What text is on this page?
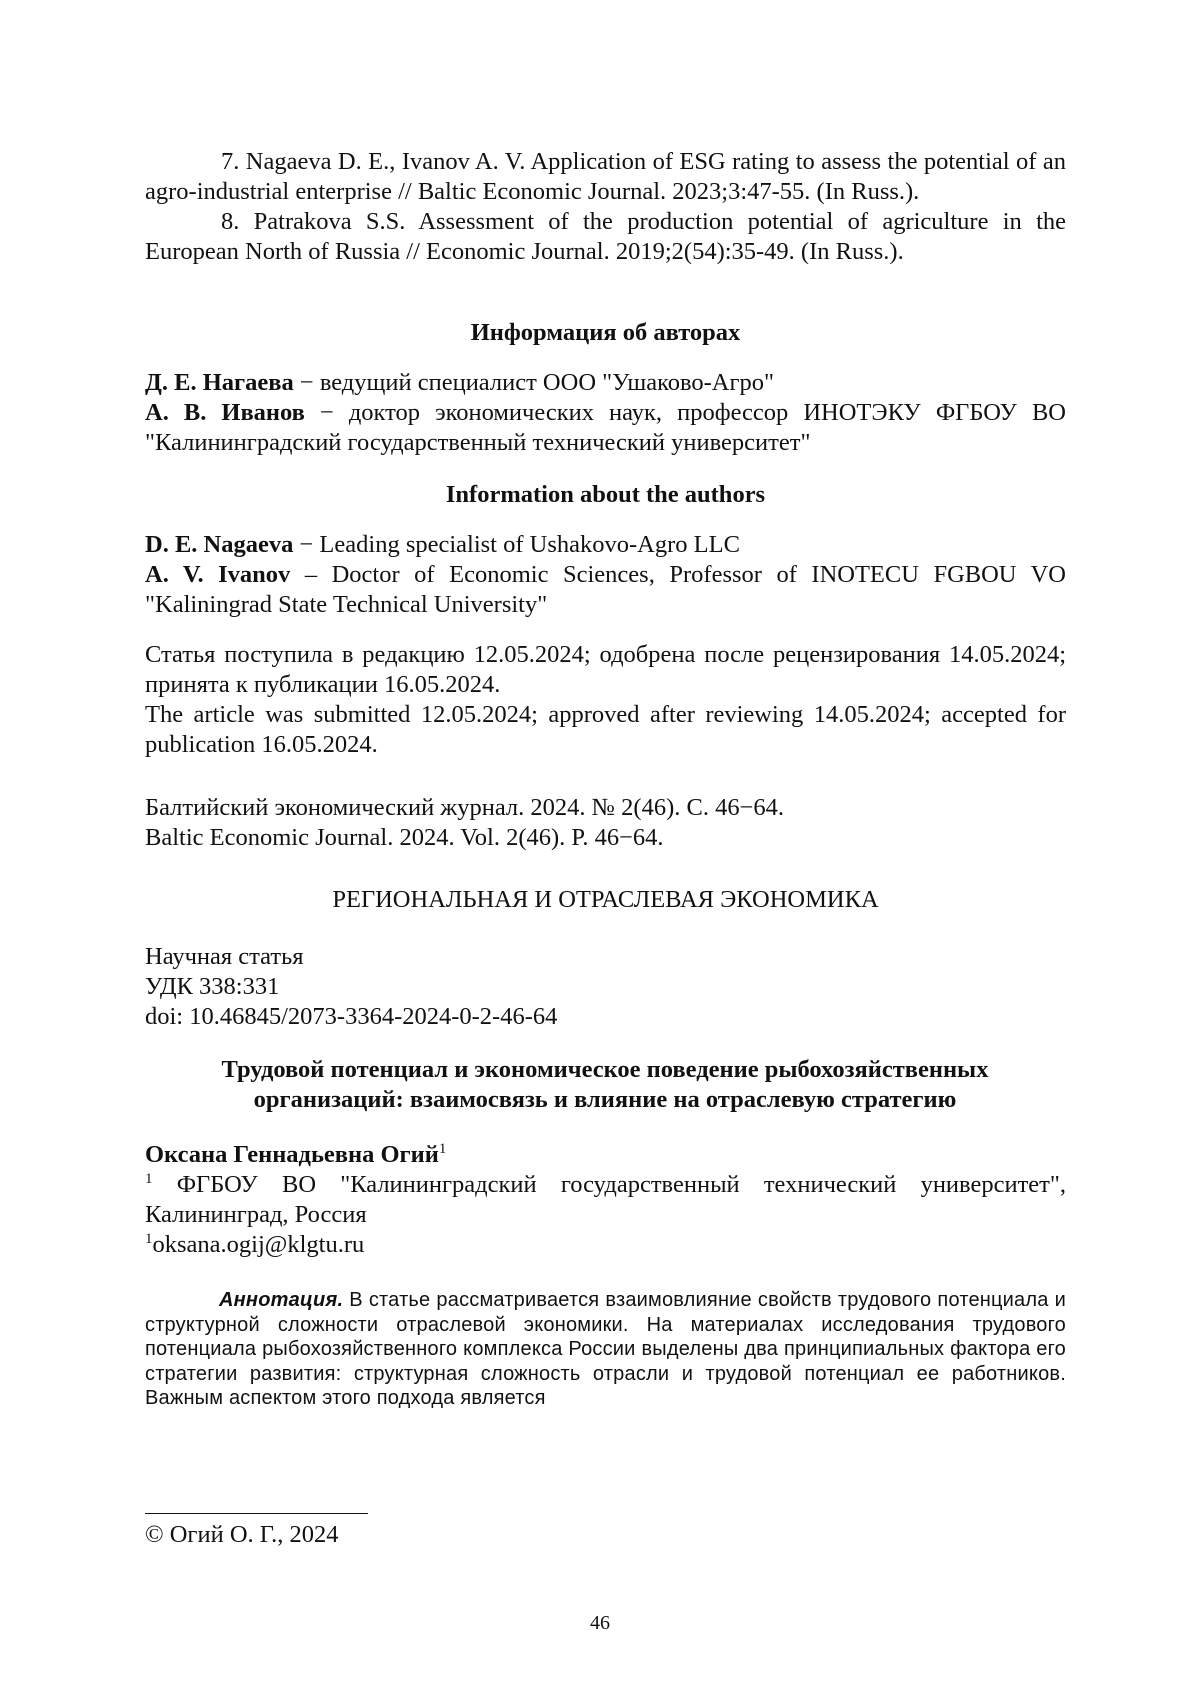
7. Nagaeva D. E., Ivanov A. V. Application of ESG rating to assess the potential of an agro-industrial enterprise // Baltic Economic Journal. 2023;3:47-55. (In Russ.).

8. Patrakova S.S. Assessment of the production potential of agriculture in the European North of Russia // Economic Journal. 2019;2(54):35-49. (In Russ.).

Информация об авторах

Д. Е. Нагаева − ведущий специалист ООО "Ушаково-Агро"

А. В. Иванов − доктор экономических наук, профессор ИНОТЭКУ ФГБОУ ВО "Калининградский государственный технический университет"

Information about the authors

D. E. Nagaeva − Leading specialist of Ushakovo-Agro LLC

A. V. Ivanov – Doctor of Economic Sciences, Professor of INOTECU FGBOU VO "Kaliningrad State Technical University"

Статья поступила в редакцию 12.05.2024; одобрена после рецензирования 14.05.2024; принята к публикации 16.05.2024.

The article was submitted 12.05.2024; approved after reviewing 14.05.2024; accepted for publication 16.05.2024.

Балтийский экономический журнал. 2024. № 2(46). С. 46−64.

Baltic Economic Journal. 2024. Vol. 2(46). P. 46−64.

РЕГИОНАЛЬНАЯ И ОТРАСЛЕВАЯ ЭКОНОМИКА

Научная статья

УДК 338:331

doi: 10.46845/2073-3364-2024-0-2-46-64

Трудовой потенциал и экономическое поведение рыбохозяйственных организаций: взаимосвязь и влияние на отраслевую стратегию

Оксана Геннадьевна Огий$^1$

$^1$ ФГБОУ ВО "Калининградский государственный технический университет", Калининград, Россия

$^1$oksana.ogij@klgtu.ru

Аннотация. В статье рассматривается взаимовлияние свойств трудового потенциала и структурной сложности отраслевой экономики. На материалах исследования трудового потенциала рыбохозяйственного комплекса России выделены два принципиальных фактора его стратегии развития: структурная сложность отрасли и трудовой потенциал ее работников. Важным аспектом этого подхода является

© Огий О. Г., 2024
46
